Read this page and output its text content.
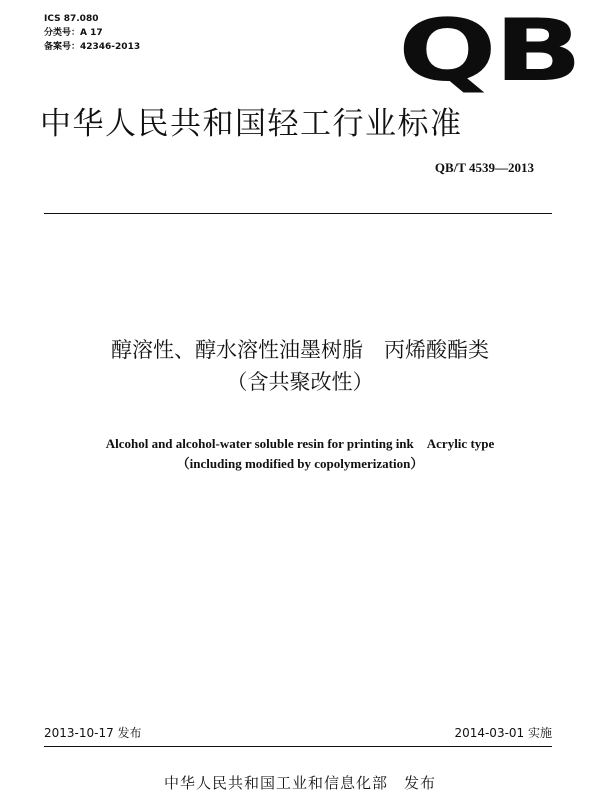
ICS 87.080
分类号：A 17
备案号：42346-2013	QB
中华人民共和国轻工行业标准
QB/T 4539—2013
醇溶性、醇水溶性油墨树脂　丙烯酸酯类
（含共聚改性）
Alcohol and alcohol-water soluble resin for printing ink　Acrylic type
（including modified by copolymerization）
2013-10-17 发布	2014-03-01 实施
中华人民共和国工业和信息化部　发布
